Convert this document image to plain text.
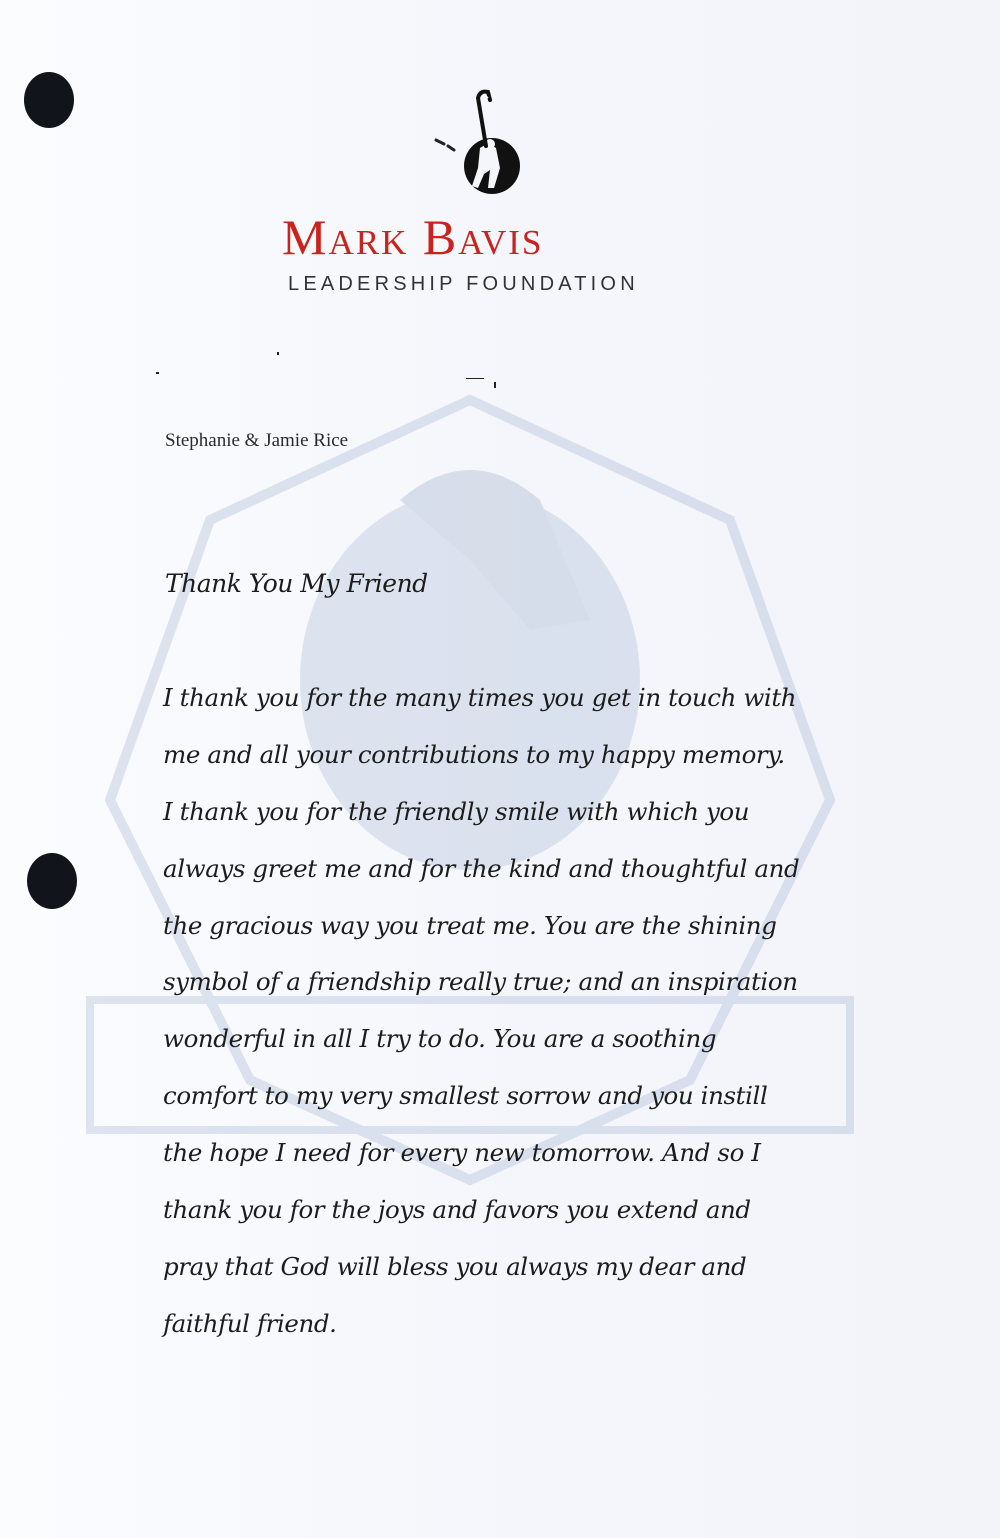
Mark Bavis
LEADERSHIP FOUNDATION
Stephanie & Jamie Rice
Thank You My Friend
I thank you for the many times you get in touch with
me and all your contributions to my happy memory.
I thank you for the friendly smile with which you
always greet me and for the kind and thoughtful and
the gracious way you treat me. You are the shining
symbol of a friendship really true; and an inspiration
wonderful in all I try to do. You are a soothing
comfort to my very smallest sorrow and you instill
the hope I need for every new tomorrow. And so I
thank you for the joys and favors you extend and
pray that God will bless you always my dear and
faithful friend.
